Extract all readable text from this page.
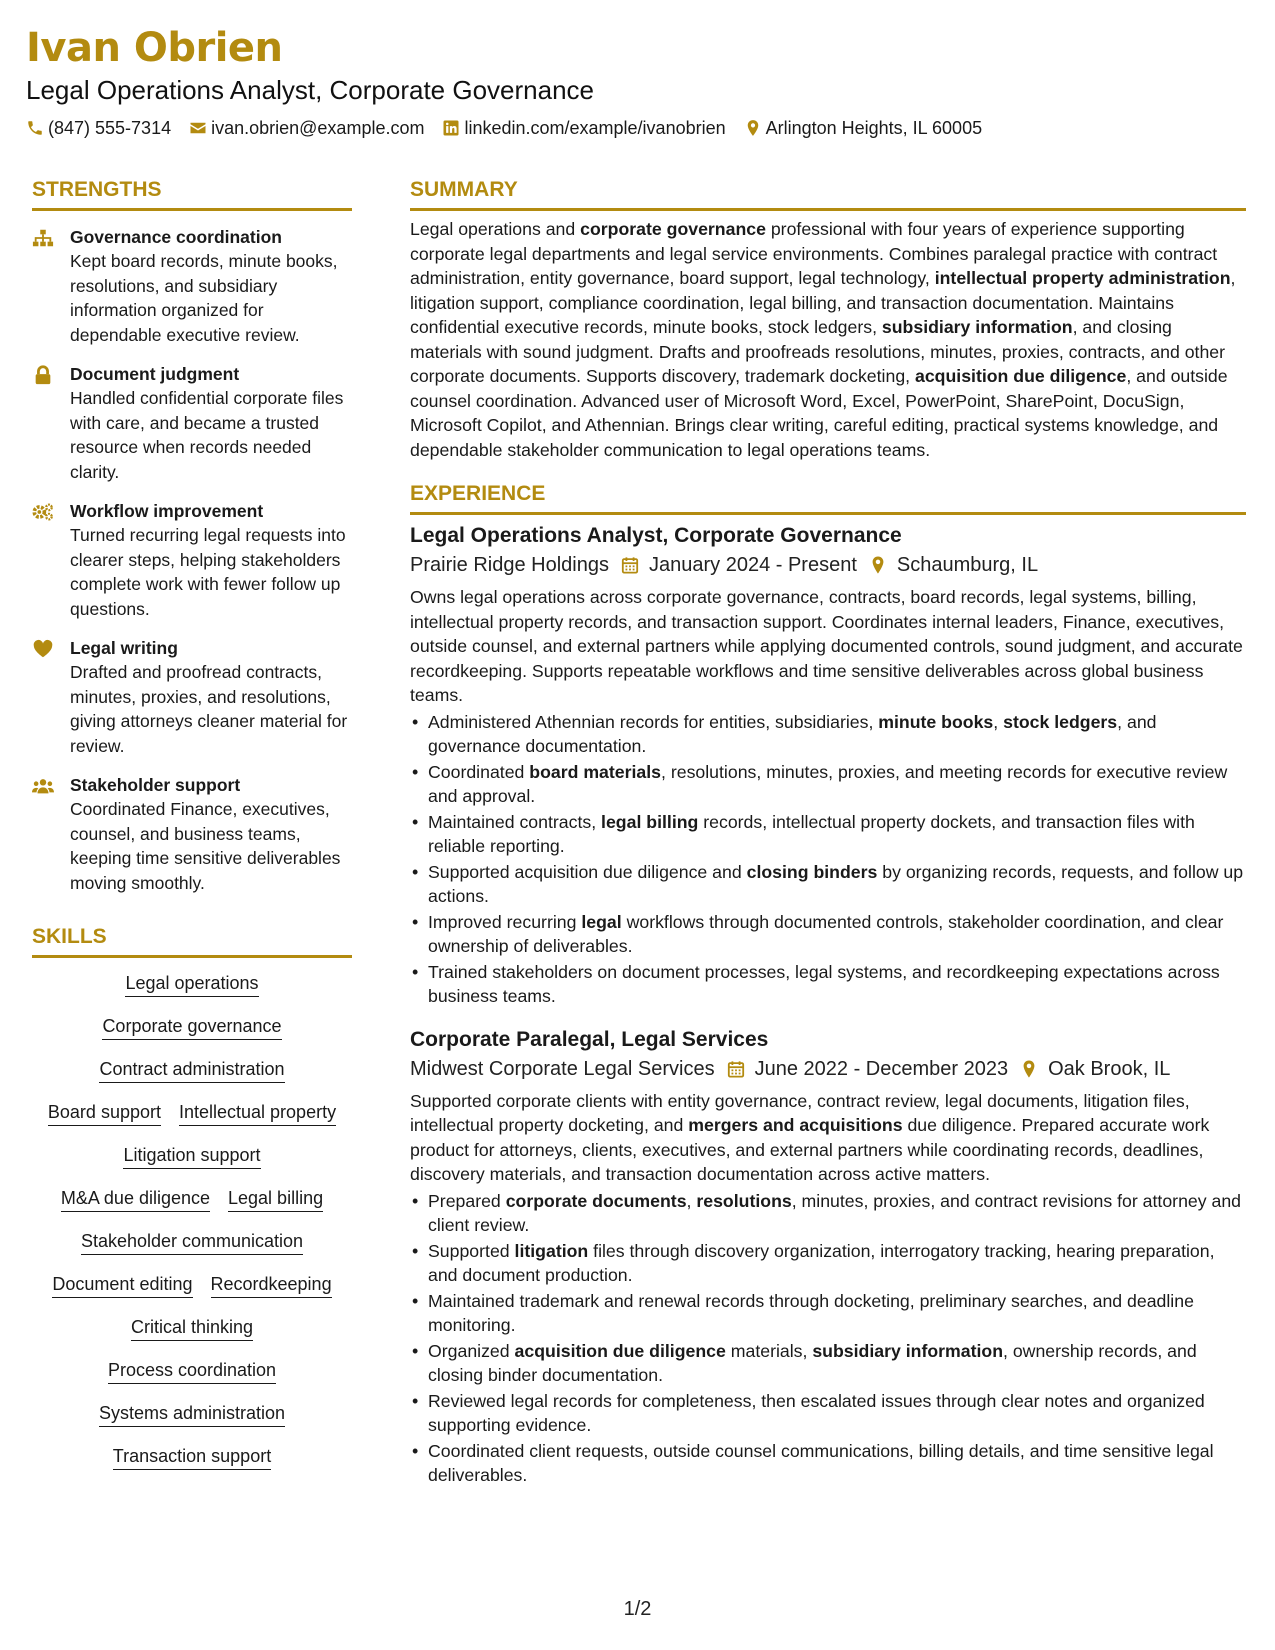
Ivan Obrien
Legal Operations Analyst, Corporate Governance
(847) 555-7314 ivan.obrien@example.com linkedin.com/example/ivanobrien Arlington Heights, IL 60005
STRENGTHS
Governance coordination
Kept board records, minute books, resolutions, and subsidiary information organized for dependable executive review.
Document judgment
Handled confidential corporate files with care, and became a trusted resource when records needed clarity.
Workflow improvement
Turned recurring legal requests into clearer steps, helping stakeholders complete work with fewer follow up questions.
Legal writing
Drafted and proofread contracts, minutes, proxies, and resolutions, giving attorneys cleaner material for review.
Stakeholder support
Coordinated Finance, executives, counsel, and business teams, keeping time sensitive deliverables moving smoothly.
SKILLS
Legal operations
Corporate governance
Contract administration
Board support Intellectual property
Litigation support
M&A due diligence Legal billing
Stakeholder communication
Document editing Recordkeeping
Critical thinking
Process coordination
Systems administration
Transaction support
SUMMARY
Legal operations and corporate governance professional with four years of experience supporting corporate legal departments and legal service environments. Combines paralegal practice with contract administration, entity governance, board support, legal technology, intellectual property administration, litigation support, compliance coordination, legal billing, and transaction documentation. Maintains confidential executive records, minute books, stock ledgers, subsidiary information, and closing materials with sound judgment. Drafts and proofreads resolutions, minutes, proxies, contracts, and other corporate documents. Supports discovery, trademark docketing, acquisition due diligence, and outside counsel coordination. Advanced user of Microsoft Word, Excel, PowerPoint, SharePoint, DocuSign, Microsoft Copilot, and Athennian. Brings clear writing, careful editing, practical systems knowledge, and dependable stakeholder communication to legal operations teams.
EXPERIENCE
Legal Operations Analyst, Corporate Governance
Prairie Ridge Holdings January 2024 - Present Schaumburg, IL
Owns legal operations across corporate governance, contracts, board records, legal systems, billing, intellectual property records, and transaction support. Coordinates internal leaders, Finance, executives, outside counsel, and external partners while applying documented controls, sound judgment, and accurate recordkeeping. Supports repeatable workflows and time sensitive deliverables across global business teams.
• Administered Athennian records for entities, subsidiaries, minute books, stock ledgers, and governance documentation.
• Coordinated board materials, resolutions, minutes, proxies, and meeting records for executive review and approval.
• Maintained contracts, legal billing records, intellectual property dockets, and transaction files with reliable reporting.
• Supported acquisition due diligence and closing binders by organizing records, requests, and follow up actions.
• Improved recurring legal workflows through documented controls, stakeholder coordination, and clear ownership of deliverables.
• Trained stakeholders on document processes, legal systems, and recordkeeping expectations across business teams.
Corporate Paralegal, Legal Services
Midwest Corporate Legal Services June 2022 - December 2023 Oak Brook, IL
Supported corporate clients with entity governance, contract review, legal documents, litigation files, intellectual property docketing, and mergers and acquisitions due diligence. Prepared accurate work product for attorneys, clients, executives, and external partners while coordinating records, deadlines, discovery materials, and transaction documentation across active matters.
• Prepared corporate documents, resolutions, minutes, proxies, and contract revisions for attorney and client review.
• Supported litigation files through discovery organization, interrogatory tracking, hearing preparation, and document production.
• Maintained trademark and renewal records through docketing, preliminary searches, and deadline monitoring.
• Organized acquisition due diligence materials, subsidiary information, ownership records, and closing binder documentation.
• Reviewed legal records for completeness, then escalated issues through clear notes and organized supporting evidence.
• Coordinated client requests, outside counsel communications, billing details, and time sensitive legal deliverables.
1/2
